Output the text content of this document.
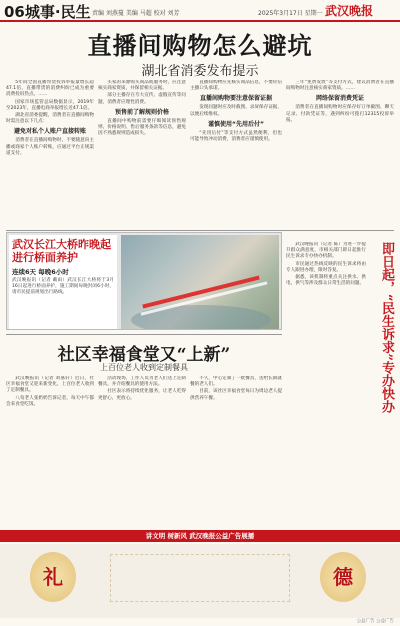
06城事·民生 责编 刘燕蔓 美编 马超 校对 刘芳	2025年3月17日 星期一 武汉晚报
直播间购物怎么避坑
湖北省消委发布提示

5年间全国直播带货投诉举报量增长超47.1倍，直播带货的消费纠纷已成为重要消费投诉热点。……

国家市场监管总局数据显示，2019年至2023年，直播电商举报增长近47.1倍。

湖北省消委提醒，消费者在直播间购物时需注意以下几点：

避免对私个人账户直接转账

消费者在直播间购物时，不要随意向主播或商家个人账户转账，应通过平台正规渠道支付。

买家的来源购买商品或服务时，应注意核实商家资质，并保留相关证据。

部分主播存在夸大宣传、虚假宣传等问题，消费者应理性消费。

预售前了解规则价格

直播间中购物前需要仔细阅读预售规则、价格说明、售后服务条款等信息，避免因不熟悉规则造成损失。

直播间购物应先核实商品信息，不要轻信主播口头承诺。

直播间购物要注意保留证据

发现问题时应及时截图、录屏保存证据，以便后续维权。

谨慎使用“先用后付”

“先用后付”等支付方式虽然便利，但也可能导致冲动消费，消费者应谨慎使用。

三年“免费发放”等支付方式，建议消费者在直播间购物时注意核实商家资质。……

网络保留消费凭证

消费者在直播间购物时应保存好订单截图、聊天记录、付款凭证等，遇到纠纷可拨打12315投诉举报。

武汉长江大桥昨晚起进行桥面养护
连续6天 每晚6小时
武汉晚报讯（记者 戴雨）武汉长江大桥将于3月16日起进行桥面养护，施工期间每晚封闭6小时，请市民提前规划出行路线。
社区幸福食堂又“上新”
上百位老人收到定制餐具

武汉晚报讯（记者 刘嘉轩）近日，社区幸福食堂又迎来新变化，上百位老人收到了定制餐具。

八旬老人张奶奶告诉记者，每天中午都会来食堂吃饭。

活动现场，工作人员为老人们送上定制餐具，并介绍餐具的使用方法。

社区表示将持续优化服务，让老人吃得更舒心、更放心。

不久，中心定制了一批餐具，送给长期就餐的老人们。

目前，该社区幸福食堂每日为周边老人提供营养午餐。

武汉晚报讯（记者 陈）为进一步提升群众满意度，市相关部门即日起推行民生诉求专办快办机制。

市民通过热线反映的民生诉求将由专人跟进办理，限时答复。

据悉，该机制将重点关注供水、供电、供气等涉及群众日常生活的问题。	即日起，“民生诉求”专办快办
讲文明 树新风 武汉晚报公益广告展播
礼	德
公益广告 公益广告
